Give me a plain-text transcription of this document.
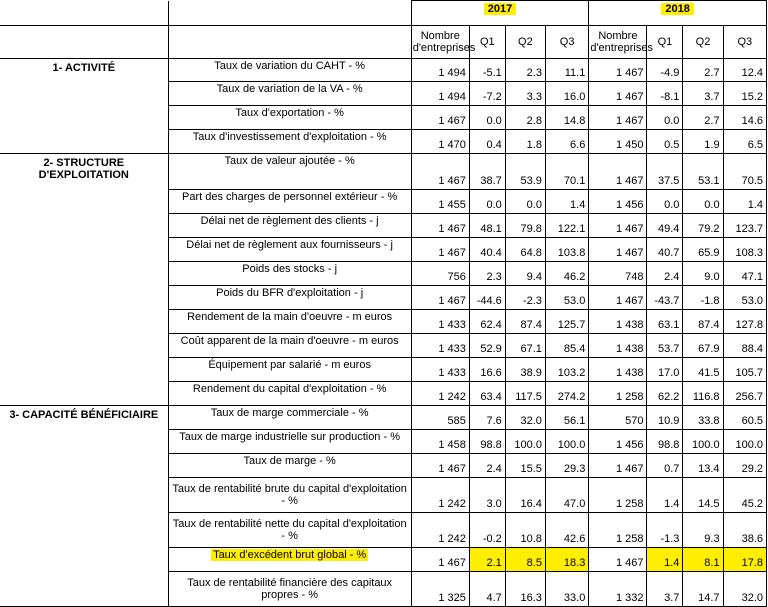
		2017				2018			
		Nombre d'entreprises	Q1	Q2	Q3	Nombre d'entreprises	Q1	Q2	Q3
1- ACTIVITÉ	Taux de variation du CAHT - %	1 494	-5.1	2.3	11.1	1 467	-4.9	2.7	12.4
	Taux de variation de la VA - %	1 494	-7.2	3.3	16.0	1 467	-8.1	3.7	15.2
	Taux d'exportation - %	1 467	0.0	2.8	14.8	1 467	0.0	2.7	14.6
	Taux d'investissement d'exploitation - %	1 470	0.4	1.8	6.6	1 450	0.5	1.9	6.5
2- STRUCTURE D'EXPLOITATION	Taux de valeur ajoutée - %	1 467	38.7	53.9	70.1	1 467	37.5	53.1	70.5
	Part des charges de personnel extérieur - %	1 455	0.0	0.0	1.4	1 456	0.0	0.0	1.4
	Délai net de règlement des clients - j	1 467	48.1	79.8	122.1	1 467	49.4	79.2	123.7
	Délai net de règlement aux fournisseurs - j	1 467	40.4	64.8	103.8	1 467	40.7	65.9	108.3
	Poids des stocks - j	756	2.3	9.4	46.2	748	2.4	9.0	47.1
	Poids du BFR d'exploitation - j	1 467	-44.6	-2.3	53.0	1 467	-43.7	-1.8	53.0
	Rendement de la main d'oeuvre - m euros	1 433	62.4	87.4	125.7	1 438	63.1	87.4	127.8
	Coût apparent de la main d'oeuvre - m euros	1 433	52.9	67.1	85.4	1 438	53.7	67.9	88.4
	Équipement par salarié - m euros	1 433	16.6	38.9	103.2	1 438	17.0	41.5	105.7
	Rendement du capital d'exploitation - %	1 242	63.4	117.5	274.2	1 258	62.2	116.8	256.7
3- CAPACITÉ BÉNÉFICIAIRE	Taux de marge commerciale - %	585	7.6	32.0	56.1	570	10.9	33.8	60.5
	Taux de marge industrielle sur production - %	1 458	98.8	100.0	100.0	1 456	98.8	100.0	100.0
	Taux de marge - %	1 467	2.4	15.5	29.3	1 467	0.7	13.4	29.2
	Taux de rentabilité brute du capital d'exploitation - %	1 242	3.0	16.4	47.0	1 258	1.4	14.5	45.2
	Taux de rentabilité nette du capital d'exploitation - %	1 242	-0.2	10.8	42.6	1 258	-1.3	9.3	38.6
	Taux d'excédent brut global - %	1 467	2.1	8.5	18.3	1 467	1.4	8.1	17.8
	Taux de rentabilité financière des capitaux propres - %	1 325	4.7	16.3	33.0	1 332	3.7	14.7	32.0
